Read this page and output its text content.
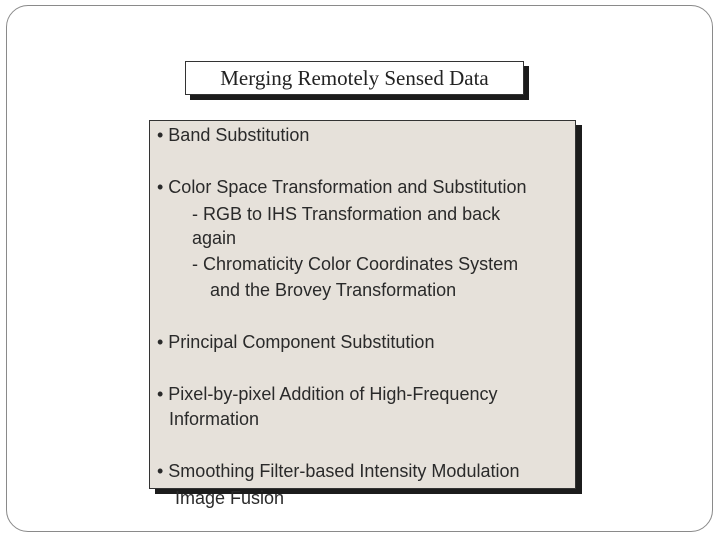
Merging Remotely Sensed Data
• Band Substitution
• Color Space Transformation and Substitution
- RGB to IHS Transformation and back
again
- Chromaticity Color Coordinates System
and the Brovey Transformation
• Principal Component Substitution
• Pixel-by-pixel Addition of High-Frequency
Information
• Smoothing Filter-based Intensity Modulation
Image Fusion
